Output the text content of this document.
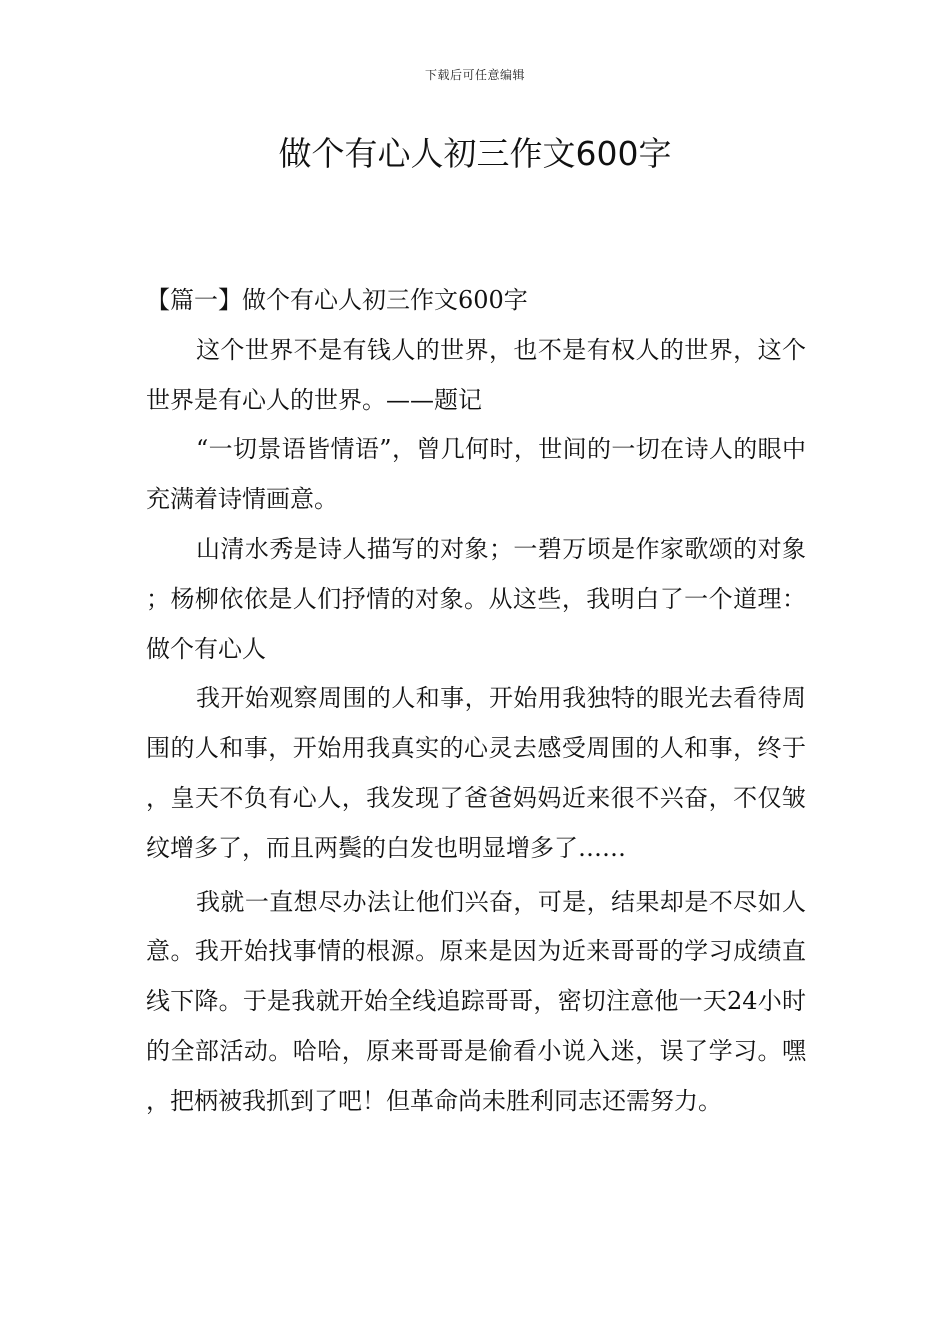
下载后可任意编辑
做个有心人初三作文600字

【篇一】做个有心人初三作文600字

这个世界不是有钱人的世界，也不是有权人的世界，这个世界是有心人的世界。——题记

“一切景语皆情语”，曾几何时，世间的一切在诗人的眼中充满着诗情画意。

山清水秀是诗人描写的对象；一碧万顷是作家歌颂的对象；杨柳依依是人们抒情的对象。从这些，我明白了一个道理：做个有心人

我开始观察周围的人和事，开始用我独特的眼光去看待周围的人和事，开始用我真实的心灵去感受周围的人和事，终于，皇天不负有心人，我发现了爸爸妈妈近来很不兴奋，不仅皱纹增多了，而且两鬓的白发也明显增多了……

我就一直想尽办法让他们兴奋，可是，结果却是不尽如人意。我开始找事情的根源。原来是因为近来哥哥的学习成绩直线下降。于是我就开始全线追踪哥哥，密切注意他一天24小时的全部活动。哈哈，原来哥哥是偷看小说入迷，误了学习。嘿，把柄被我抓到了吧！但革命尚未胜利同志还需努力。
